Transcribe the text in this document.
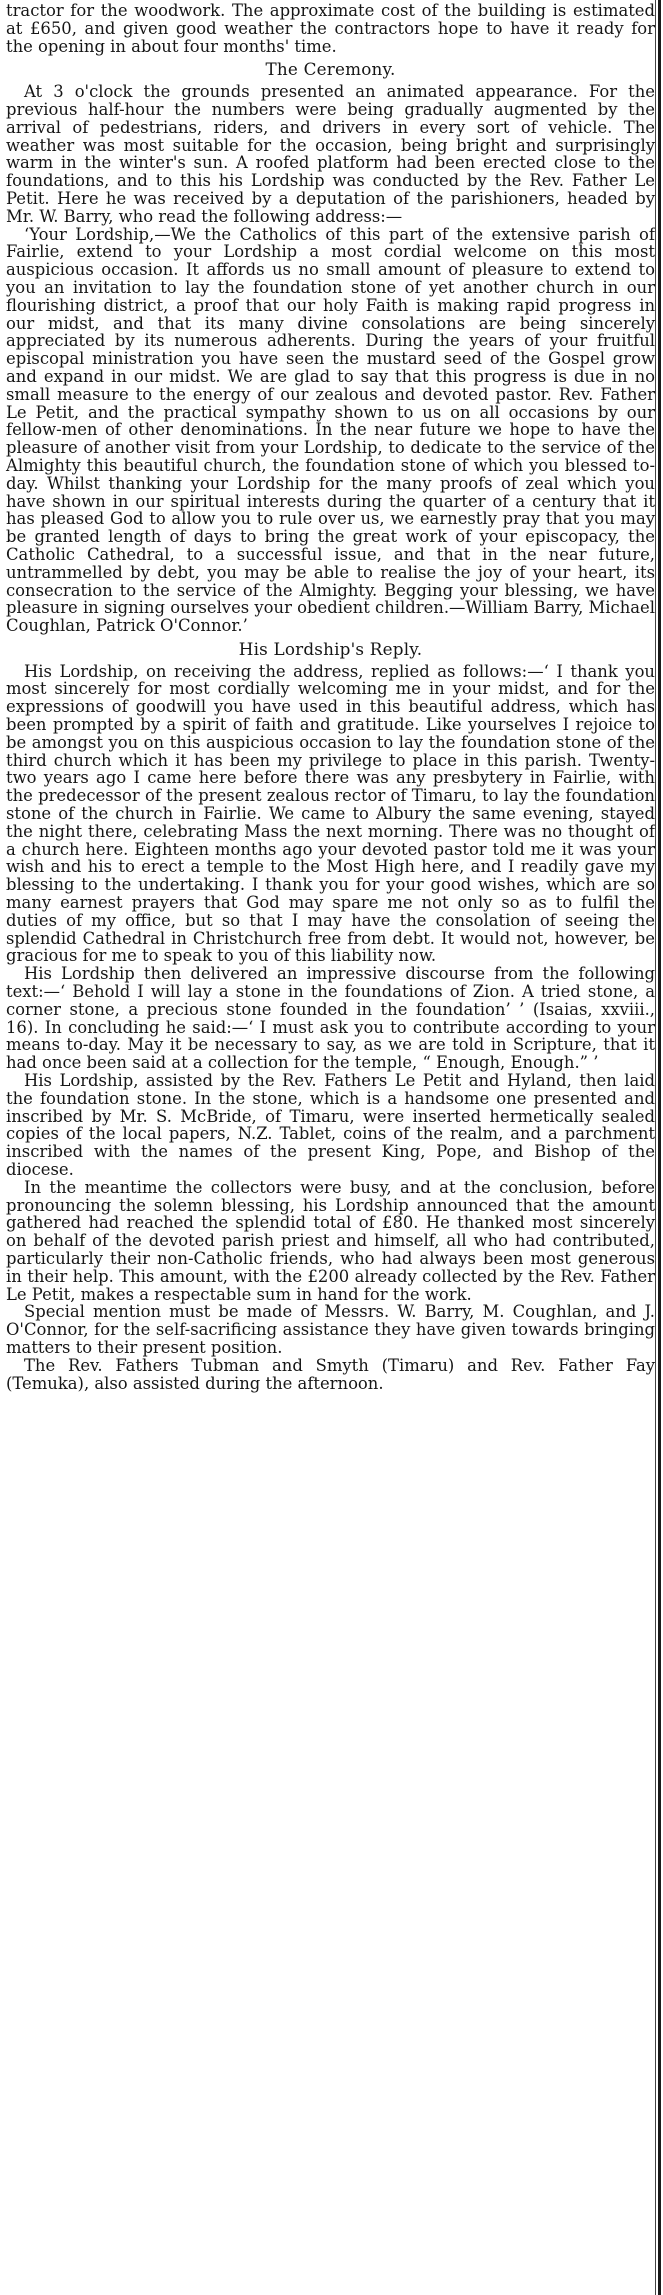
tractor for the woodwork. The approximate cost of the building is estimated at £650, and given good weather the contractors hope to have it ready for the opening in about four months' time.

The Ceremony.

At 3 o'clock the grounds presented an animated appearance. For the previous half-hour the numbers were being gradually augmented by the arrival of pedestrians, riders, and drivers in every sort of vehicle. The weather was most suitable for the occasion, being bright and surprisingly warm in the winter's sun. A roofed platform had been erected close to the foundations, and to this his Lordship was conducted by the Rev. Father Le Petit. Here he was received by a deputation of the parishioners, headed by Mr. W. Barry, who read the following address:—

‘Your Lordship,—We the Catholics of this part of the extensive parish of Fairlie, extend to your Lordship a most cordial welcome on this most auspicious occasion. It affords us no small amount of pleasure to extend to you an invitation to lay the foundation stone of yet another church in our flourishing district, a proof that our holy Faith is making rapid progress in our midst, and that its many divine consolations are being sincerely appreciated by its numerous adherents. During the years of your fruitful episcopal ministration you have seen the mustard seed of the Gospel grow and expand in our midst. We are glad to say that this progress is due in no small measure to the energy of our zealous and devoted pastor. Rev. Father Le Petit, and the practical sympathy shown to us on all occasions by our fellow-men of other denominations. In the near future we hope to have the pleasure of another visit from your Lordship, to dedicate to the service of the Almighty this beautiful church, the foundation stone of which you blessed to-day. Whilst thanking your Lordship for the many proofs of zeal which you have shown in our spiritual interests during the quarter of a century that it has pleased God to allow you to rule over us, we earnestly pray that you may be granted length of days to bring the great work of your episcopacy, the Catholic Cathedral, to a successful issue, and that in the near future, untrammelled by debt, you may be able to realise the joy of your heart, its consecration to the service of the Almighty. Begging your blessing, we have pleasure in signing ourselves your obedient children.—William Barry, Michael Coughlan, Patrick O'Connor.’

His Lordship's Reply.

His Lordship, on receiving the address, replied as follows:—‘ I thank you most sincerely for most cordially welcoming me in your midst, and for the expressions of goodwill you have used in this beautiful address, which has been prompted by a spirit of faith and gratitude. Like yourselves I rejoice to be amongst you on this auspicious occasion to lay the foundation stone of the third church which it has been my privilege to place in this parish. Twenty-two years ago I came here before there was any presbytery in Fairlie, with the predecessor of the present zealous rector of Timaru, to lay the foundation stone of the church in Fairlie. We came to Albury the same evening, stayed the night there, celebrating Mass the next morning. There was no thought of a church here. Eighteen months ago your devoted pastor told me it was your wish and his to erect a temple to the Most High here, and I readily gave my blessing to the undertaking. I thank you for your good wishes, which are so many earnest prayers that God may spare me not only so as to fulfil the duties of my office, but so that I may have the consolation of seeing the splendid Cathedral in Christchurch free from debt. It would not, however, be gracious for me to speak to you of this liability now.

His Lordship then delivered an impressive discourse from the following text:—‘ Behold I will lay a stone in the foundations of Zion. A tried stone, a corner stone, a precious stone founded in the foundation’ ’ (Isaias, xxviii., 16). In concluding he said:—‘ I must ask you to contribute according to your means to-day. May it be necessary to say, as we are told in Scripture, that it had once been said at a collection for the temple, “ Enough, Enough.” ’

His Lordship, assisted by the Rev. Fathers Le Petit and Hyland, then laid the foundation stone. In the stone, which is a handsome one presented and inscribed by Mr. S. McBride, of Timaru, were inserted hermetically sealed copies of the local papers, N.Z. Tablet, coins of the realm, and a parchment inscribed with the names of the present King, Pope, and Bishop of the diocese.

In the meantime the collectors were busy, and at the conclusion, before pronouncing the solemn blessing, his Lordship announced that the amount gathered had reached the splendid total of £80. He thanked most sincerely on behalf of the devoted parish priest and himself, all who had contributed, particularly their non-Catholic friends, who had always been most generous in their help. This amount, with the £200 already collected by the Rev. Father Le Petit, makes a respectable sum in hand for the work.

Special mention must be made of Messrs. W. Barry, M. Coughlan, and J. O'Connor, for the self-sacrificing assistance they have given towards bringing matters to their present position.

The Rev. Fathers Tubman and Smyth (Timaru) and Rev. Father Fay (Temuka), also assisted during the afternoon.
